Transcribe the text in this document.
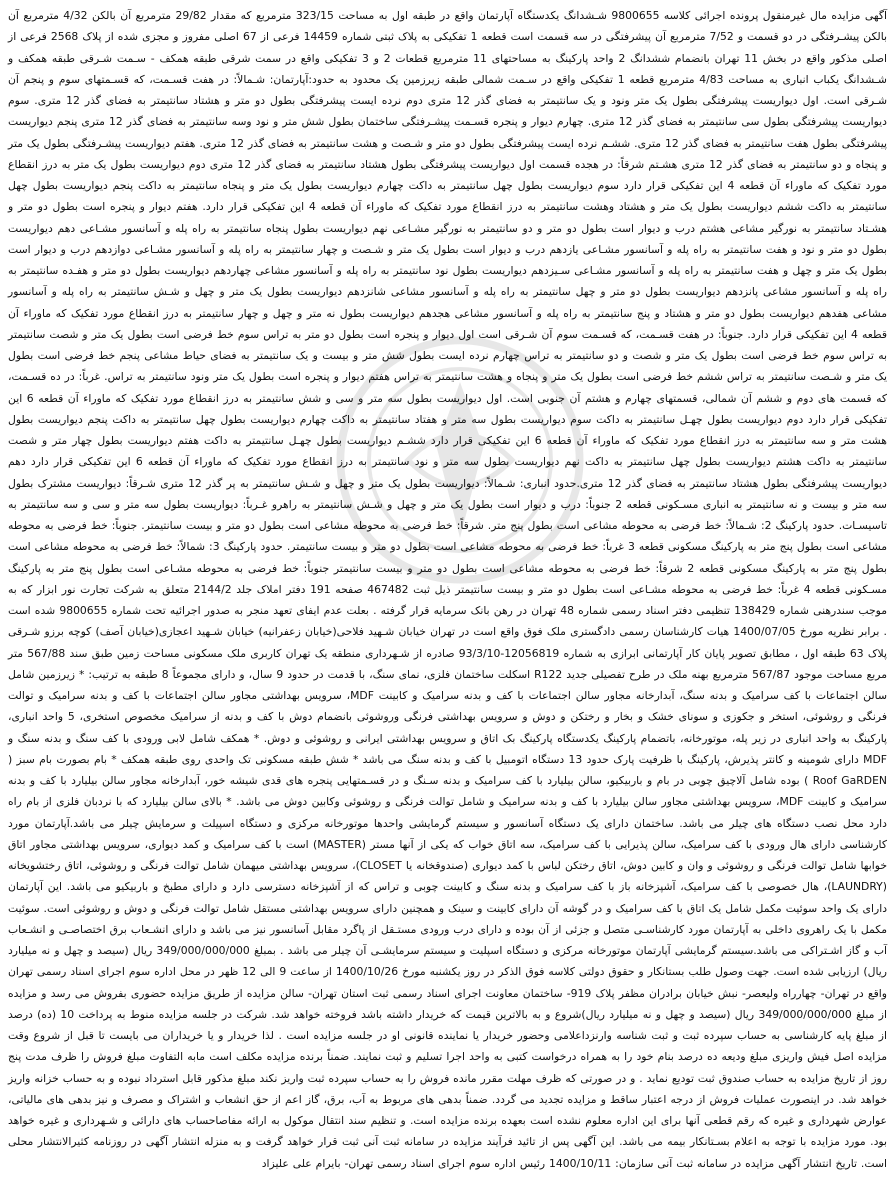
آگهی مزایده مال غیرمنقول پرونده اجرائی کلاسه 9800655 شـشدانگ یکدستگاه آپارتمان واقع در طبقه اول به مساحت 323/15 مترمربع که مقدار 29/82 مترمربع آن بالکن 4/32 مترمربع آن بالکن پیشـرفتگی در دو قسمت و 7/52 مترمربع آن پیشرفتگی در سه قسمت است قطعه 1 تفکیکی به پلاک ثبتی شماره 14459 فرعی از 67 اصلی مفروز و مجزی شده از پلاک 2568 فرعی از اصلی مذکور واقع در بخش 11 تهران بانضمام ششدانگ 2 واحد پارکینگ به مساحتهای 11 مترمربع قطعات 2 و 3 تفکیکی واقع در سمت شرقی طبقه همکف - سـمت شـرقی طبقه همکف و شـشدانگ یکباب انباری به مساحت 4/83 مترمربع قطعه 1 تفکیکی واقع در سـمت شمالی طبقه زیرزمین یک محدود به حدود:آپارتمان: شـمالاً: در هفت قسـمت، که قسـمتهای سوم و پنجم آن شـرقی است. اول دیواریست پیشرفتگی بطول یک متر ونود و یک سانتیمتر به فضای گذر 12 متری دوم نرده ایست پیشرفتگی بطول دو متر و هشتاد سانتیمتر به فضای گذر 12 متری. سوم دیواریست پیشرفتگی بطول سی سانتیمتر به فضای گذر 12 متری. چهارم دیوار و پنجره قسـمت پیشـرفتگی ساختمان بطول شش متر و نود وسه سانتیمتر به فضای گذر 12 متری پنجم دیواریست پیشرفتگی بطول هفت سانتیمتر به فضای گذر 12 متری. ششـم نرده ایست پیشرفتگی بطول دو متر و شـصت و هشت سانتیمتر به فضای گذر 12 متری. هفتم دیواریست پیشـرفتگی بطول یک متر و پنجاه و دو سانتیمتر به فضای گذر 12 متری هشـتم شرقاً: در هجده قسمت اول دیواریست پیشرفتگی بطول هشتاد سانتیمتر به فضای گذر 12 متری دوم دیواریست بطول یک متر به درز انقطاع مورد تفکیک که ماوراء آن قطعه 4 این تفکیکی قرار دارد سوم دیواریست بطول چهل سانتیمتر به داکت چهارم دیواریست بطول یک متر و پنجاه سانتیمتر به داکت پنجم دیواریست بطول چهل سانتیمتر به داکت ششم دیواریست بطول یک متر و هشتاد وهشت سانتیمتر به درز انقطاع مورد تفکیک که ماوراء آن قطعه 4 این تفکیکی قرار دارد. هفتم دیوار و پنجره است بطول دو متر و هشـتاد سانتیمتر به نورگیر مشاعی هشتم درب و دیوار است بطول دو متر و دو سانتیمتر به نورگیر مشـاعی نهم دیواریست بطول پنجاه سانتیمتر به راه پله و آسانسور مشـاعی دهم دیواریست بطول دو متر و نود و هفت سانتیمتر به راه پله و آسانسور مشـاعی یازدهم درب و دیوار است بطول یک متر و شـصت و چهار سانتیمتر به راه پله و آسانسور مشـاعی دوازدهم درب و دیوار است بطول یک متر و چهل و هفت سانتیمتر به راه پله و آسانسور مشـاعی سـیزدهم دیواریست بطول نود سانتیمتر به راه پله و آسانسور مشاعی چهاردهم دیواریست بطول دو متر و هفـده سانتیمتر به راه پله و آسانسور مشاعی پانزدهم دیواریست بطول دو متر و چهل سانتیمتر به راه پله و آسانسور مشاعی شانزدهم دیواریست بطول یک متر و چهل و شـش سانتیمتر به راه پله و آسانسور مشاعی هفدهم دیواریست بطول دو متر و هشتاد و پنج سانتیمتر به راه پله و آسانسور مشاعی هجدهم دیواریست بطول نه متر و چهل و چهار سانتیمتر به درز انقطاع مورد تفکیک که ماوراء آن قطعه 4 این تفکیکی قرار دارد. جنوباً: در هفت قسـمت، که قسـمت سوم آن شـرقی است اول دیوار و پنجره است بطول دو متر به تراس سوم خط فرضی است بطول یک متر و شصت سانتیمتر به تراس سوم خط فرضی است بطول یک متر و شصت و دو سانتیمتر به تراس چهارم نرده ایست بطول شش متر و بیست و یک سانتیمتر به فضای حیاط مشاعی پنجم خط فرضی است بطول یک متر و شـصت سانتیمتر به تراس ششم خط فرضی است بطول یک متر و پنجاه و هشت سانتیمتر به تراس هفتم دیوار و پنجره است بطول یک متر ونود سانتیمتر به تراس. غرباً: در ده قسـمت، که قسمت های دوم و ششم آن شمالی، قسمتهای چهارم و هشتم آن جنوبی است. اول دیواریست بطول سه متر و سی و شش سانتیمتر به درز انقطاع مورد تفکیک که ماوراء آن قطعه 6 این تفکیکی قرار دارد دوم دیواریست بطول چهـل سانتیمتر به داکت سوم دیواریست بطول سه متر و هفتاد سانتیمتر به داکت چهارم دیواریست بطول چهل سانتیمتر به داکت پنجم دیواریست بطول هشت متر و سه سانتیمتر به درز انقطاع مورد تفکیک که ماوراء آن قطعه 6 این تفکیکی قرار دارد ششـم دیواریست بطول چهـل سانتیمتر به داکت هفتم دیواریست بطول چهار متر و شصت سانتیمتر به داکت هشتم دیواریست بطول چهل سانتیمتر به داکت نهم دیواریست بطول سه متر و نود سانتیمتر به درز انقطاع مورد تفکیک که ماوراء آن قطعه 6 این تفکیکی قرار دارد دهم دیواریست پیشرفتگی بطول هشتاد سانتیمتر به فضای گذر 12 متری.حدود انباری: شـمالاً: دیواریست بطول یک متر و چهل و شـش سانتیمتر به پر گذر 12 متری شـرقاً: دیواریست مشترک بطول سه متر و بیست و نه سانتیمتر به انباری مسـکونی قطعه 2 جنوباً: درب و دیوار است بطول یک متر و چهل و شـش سانتیمتر به راهرو غـرباً: دیواریست بطول سه متر و سی و سه سانتیمتر به تاسیسـات. حدود پارکینگ 2: شـمالاً: خط فرضی به محوطه مشاعی است بطول پنج متر. شرقاً: خط فرضی به محوطه مشاعی است بطول دو متر و بیست سانتیمتر. جنوباً: خط فرضی به محوطه مشاعی است بطول پنج متر به پارکینگ مسکونی قطعه 3 غرباً: خط فرضی به محوطه مشاعی است بطول دو متر و بیست سانتیمتر. حدود پارکینگ 3: شمالاً: خط فرضی به محوطه مشاعی است بطول پنج متر به پارکینگ مسکونی قطعه 2 شرقاً: خط فرضی به محوطه مشاعی است بطول دو متر و بیست سانتیمتر جنوباً: خط فرضی به محوطه مشـاعی است بطول پنج متر به پارکینگ مسـکونی قطعه 4 غرباً: خط فرضی به محوطه مشـاعی است بطول دو متر و بیست سانتیمتر ذیل ثبت 467482 صفحه 191 دفتر املاک جلد 2144/2 متعلق به شرکت تجارت نور ابزار که به موجب سندرهنی شماره 138429 تنظیمی دفتر اسناد رسمی شماره 48 تهران در رهن بانک سرمایه قرار گرفته . بعلت عدم ایفای تعهد منجر به صدور اجرائیه تحت شماره 9800655 شده است . برابر نظریه مورخ 1400/07/05 هیات کارشناسان رسمی دادگستری ملک فوق واقع است در تهران خیابان شـهید فلاحی(خیابان زعفرانیه) خیابان شـهید اعجازی(خیابان آصف) کوچه برزو شـرقی پلاک 63 طبقه اول ، مطابق تصویر پایان کار آپارتمانی ابرازی به شماره 12056819-93/3/10 صادره از شـهرداری منطقه یک تهران کاربری ملک مسکونی مساحت زمین طبق سند 567/88 متر مربع مساحت موجود 567/87 مترمربع بهنه ملک در طرح تفصیلی جدید R122 اسکلت ساختمان فلزی، نمای سنگ، با قدمت در حدود 9 سال، و دارای مجموعاً 8 طبقه به ترتیب: * زیرزمین شامل سالن اجتماعات با کف سرامیک و بدنه سنگ، آبدارخانه مجاور سالن اجتماعات با کف و بدنه سرامیک و کابینت MDF، سرویس بهداشتی مجاور سالن اجتماعات با کف و بدنه سرامیک و توالت فرنگی و روشوئی، استخر و جکوزی و سونای خشک و بخار و رختکن و دوش و سرویس بهداشتی فرنگی وروشوئی بانضمام دوش با کف و بدنه از سرامیک مخصوص استخری، 5 واحد انباری، پارکینگ به واحد انباری در زیر پله، موتورخانه، باتضمام پارکینگ یکدستگاه پارکینگ بک اتاق و سرویس بهداشتی ایرانی و روشوئی و دوش. * همکف شامل لابی ورودی با کف سنگ و بدنه سنگ و MDF دارای شومینه و کانتر پذیرش، پارکینگ با ظرفیت پارک حدود 13 دستگاه اتومبیل با کف و بدنه سنگ می باشد * شش طبقه مسکونی تک واحدی روی طبقه همکف * بام بصورت بام سبز ( Roof GaRDEN ) بوده شامل آلاچیق چوبی در بام و باربیکیو، سالن بیلیارد با کف سرامیک و بدنه سـنگ و در قسـمتهایی پنجره های قدی شیشه خور، آبدارخانه مجاور سالن بیلیارد با کف و بدنه سرامیک و کابینت MDF، سرویس بهداشتی مجاور سالن بیلیارد با کف و بدنه سرامیک و شامل توالت فرنگی و روشوئی وکابین دوش می باشد. * بالای سالن بیلیارد که با نردبان فلزی از بام راه دارد محل نصب دستگاه های چیلر می باشد. ساختمان دارای یک دستگاه آسانسور و سیستم گرمایشی واحدها موتورخانه مرکزی و دستگاه اسپیلت و سرمایش چیلر می باشد.آپارتمان مورد کارشناسی دارای هال ورودی با کف سرامیک، سالن پذیرایی با کف سرامیک، سه اتاق خواب که یکی از آنها مستر (MASTER) است با کف سرامیک و کمد دیواری، سرویس بهداشتی مجاور اتاق خوابها شامل توالت فرنگی و روشوئی و وان و کابین دوش، اتاق رختکن لباس با کمد دیواری (صندوقخانه یا CLOSET)، سرویس بهداشتی میهمان شامل توالت فرنگی و روشوئی، اتاق رختشویخانه (LAUNDRY)، هال خصوصی با کف سرامیک، آشپزخانه باز با کف سرامیک و بدنه سنگ و کابینت چوبی و تراس که از آشپزخانه دسترسی دارد و دارای مطبخ و باربیکیو می باشد. این آپارتمان دارای یک واحد سوئیت مکمل شامل یک اتاق با کف سرامیک و در گوشه آن دارای کابینت و سینک و همچنین دارای سرویس بهداشتی مستقل شامل توالت فرنگی و دوش و روشوئی است. سوئیت مکمل با یک راهروی داخلی به آپارتمان مورد کارشناسـی متصل و جزئی از آن بوده و دارای درب ورودی مستـقل از پاگرد مقابل آسانسور نیز می باشد و دارای انشـعاب برق اختصاصـی و انشـعاب آب و گاز اشـتراکی می باشد.سیستم گرمایشی آپارتمان موتورخانه مرکزی و دستگاه اسپلیت و سیستم سرمایشـی آن چیلر می باشد . بمبلغ 349/000/000/000 ریال (سیصد و چهل و نه میلیارد ریال) ارزیابی شده است. جهت وصول طلب بستانکار و حقوق دولتی کلاسه فوق الذکر در روز یکشنبه مورخ 1400/10/26 از ساعت 9 الی 12 ظهر در محل اداره سوم اجرای اسناد رسمی تهران واقع در تهران- چهارراه ولیعصر- نبش خیابان برادران مظفر پلاک 919- ساختمان معاونت اجرای اسناد رسمی ثبت استان تهران- سالن مزایده از طریق مزایده حضوری بفروش می رسد و مزایده از مبلغ 349/000/000/000 ریال (سیصد و چهل و نه میلیارد ریال)شروع و به بالاترین قیمت که خریدار داشته باشد فروخته خواهد شد. شرکت در جلسه مزایده منوط به پرداخت 10 (ده) درصد از مبلغ پایه کارشناسی به حساب سپرده ثبت و ثبت شناسه وارنزداعلامی وحضور خریدار یا نماینده قانونی او در جلسه مزایده است . لذا خریدار و یا خریداران می بایست تا قبل از شروع وقت مزایده اصل فیش واریزی مبلغ ودیعه ده درصد بنام خود را به همراه درخواست کتبی به واحد اجرا تسلیم و ثبت نمایند. ضمناً برنده مزایده مکلف است مابه التفاوت مبلغ فروش را ظرف مدت پنج روز از تاریخ مزایده به حساب صندوق ثبت تودیع نماید . و در صورتی که ظرف مهلت مقرر مانده فروش را به حساب سپرده ثبت واریز نکند مبلغ مذکور قابل استرداد نبوده و به حساب خزانه واریز خواهد شد. در اینصورت عملیات فروش از درجه اعتبار ساقط و مزایده تجدید می گردد. ضمناً بدهی های مربوط به آب، برق، گاز اعم از حق انشعاب و اشتراک و مصرف و نیز بدهی های مالیاتی، عوارض شهرداری و غیره که رقم قطعی آنها برای این اداره معلوم نشده است بعهده برنده مزایده است. و تنظیم سند انتقال موکول به ارائه مفاصاحساب های دارائی و شـهرداری و غیره خواهد بود. مورد مزایده با توجه به اعلام بسـتانکار بیمه می باشد. این آگهی پس از تائید فرآیند مزایده در سامانه ثبت آنی ثبت قرار خواهد گرفت و به منزله انتشار آگهی در روزنامه کثیرالانتشار محلی است. تاریخ انتشار آگهی مزایده در سامانه ثبت آنی سازمان: 1400/10/11 رئیس اداره سوم اجرای اسناد رسمی تهران- بایرام علی علیزاد
